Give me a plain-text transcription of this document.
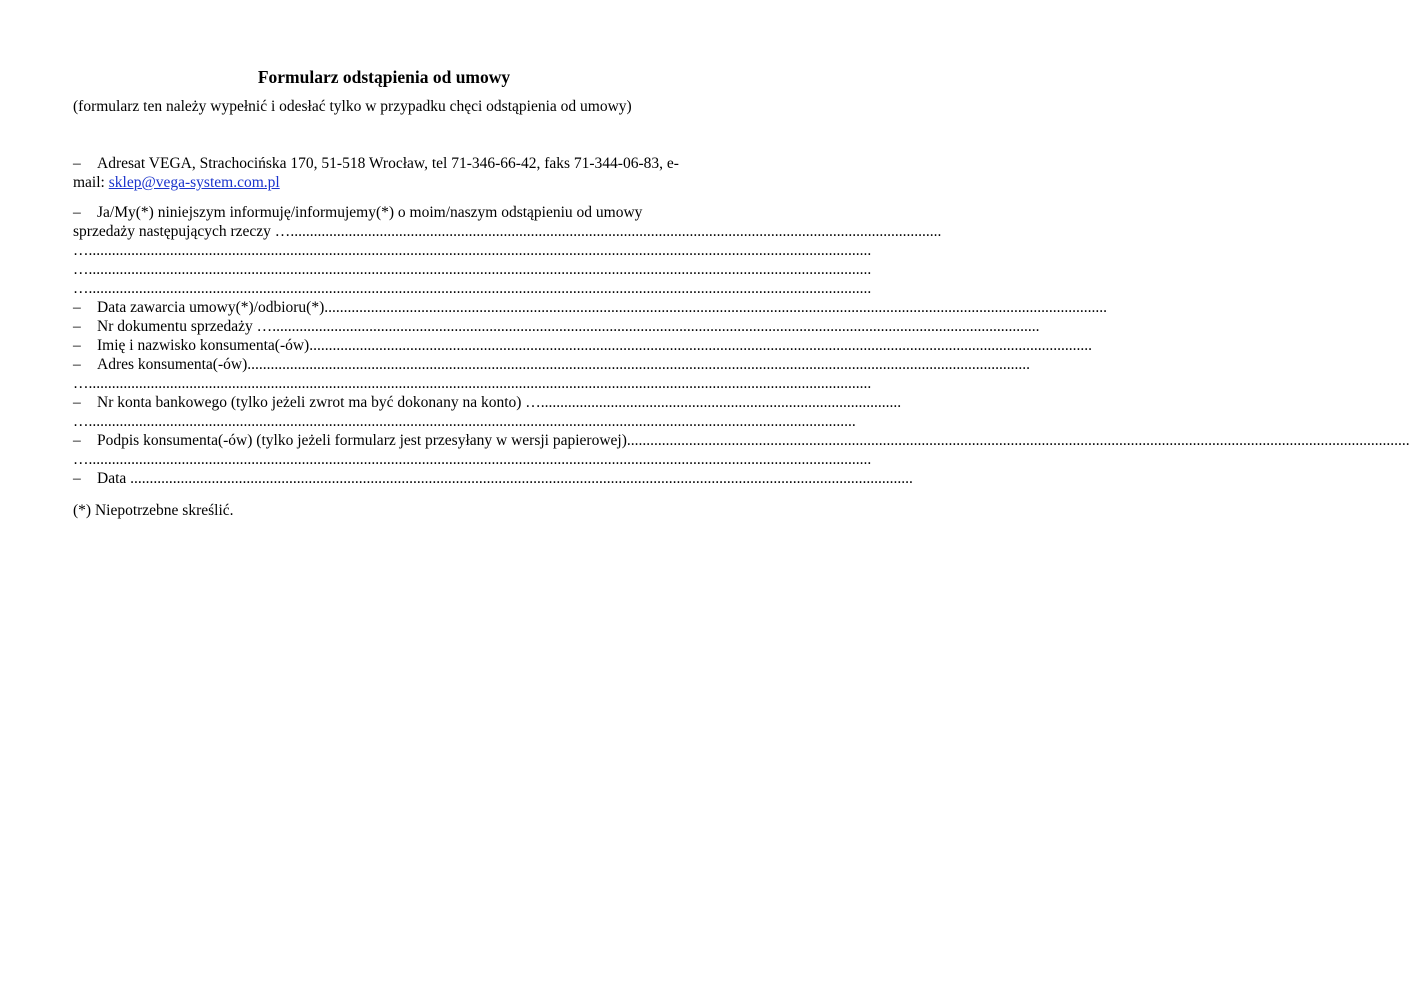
Formularz odstąpienia od umowy
(formularz ten należy wypełnić i odesłać tylko w przypadku chęci odstąpienia od umowy)
– Adresat VEGA, Strachocińska 170, 51-518 Wrocław, tel 71-346-66-42, faks 71-344-06-83, e-mail: sklep@vega-system.com.pl
– Ja/My(*) niniejszym informuję/informujemy(*) o moim/naszym odstąpieniu od umowy
sprzedaży następujących rzeczy …........................................................................................................................................................................
…..........................................................................................................................................................................................................
…..........................................................................................................................................................................................................
…..........................................................................................................................................................................................................
– Data zawarcia umowy(*)/odbioru(*)..........................................................................................................................................................................................................
– Nr dokumentu sprzedaży …......................................................................................................................................................................................................
– Imię i nazwisko konsumenta(-ów)..........................................................................................................................................................................................................
– Adres konsumenta(-ów)..........................................................................................................................................................................................................
…..........................................................................................................................................................................................................
– Nr konta bankowego (tylko jeżeli zwrot ma być dokonany na konto) ….............................................................................................
…......................................................................................................................................................................................................
– Podpis konsumenta(-ów) (tylko jeżeli formularz jest przesyłany w wersji papierowej)..........................................................................................................................................................................................................
(*) Niepotrzebne skreślić.
…..........................................................................................................................................................................................................
– Data ..........................................................................................................................................................................................................
